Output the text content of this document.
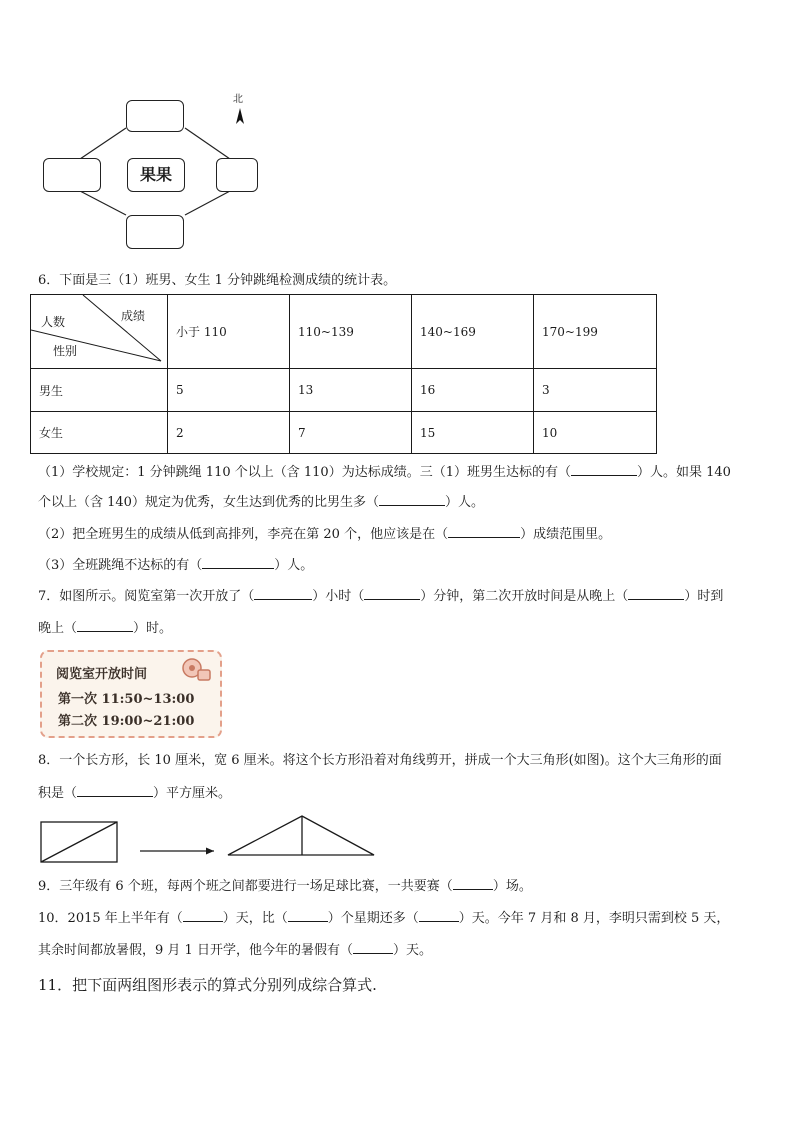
果果
北
6．下面是三（1）班男、女生 1 分钟跳绳检测成绩的统计表。
成绩
人数
性别	小于 110	110~139	140~169	170~199
男生	5	13	16	3
女生	2	7	15	10
（1）学校规定：1 分钟跳绳 110 个以上（含 110）为达标成绩。三（1）班男生达标的有（	）人。如果 140
个以上（含 140）规定为优秀，女生达到优秀的比男生多（	）人。
（2）把全班男生的成绩从低到高排列，李亮在第 20 个，他应该是在（	）成绩范围里。
（3）全班跳绳不达标的有（	）人。
7．如图所示。阅览室第一次开放了（	）小时（	）分钟，第二次开放时间是从晚上（	）时到
晚上（	）时。
阅览室开放时间
第一次 11:50~13:00
第二次 19:00~21:00
8．一个长方形，长 10 厘米，宽 6 厘米。将这个长方形沿着对角线剪开，拼成一个大三角形(如图)。这个大三角形的面
积是（	）平方厘米。
9．三年级有 6 个班，每两个班之间都要进行一场足球比赛，一共要赛（	）场。
10．2015 年上半年有（	）天，比（	）个星期还多（	）天。今年 7 月和 8 月，李明只需到校 5 天，
其余时间都放暑假，9 月 1 日开学，他今年的暑假有（	）天。
11．把下面两组图形表示的算式分别列成综合算式.
